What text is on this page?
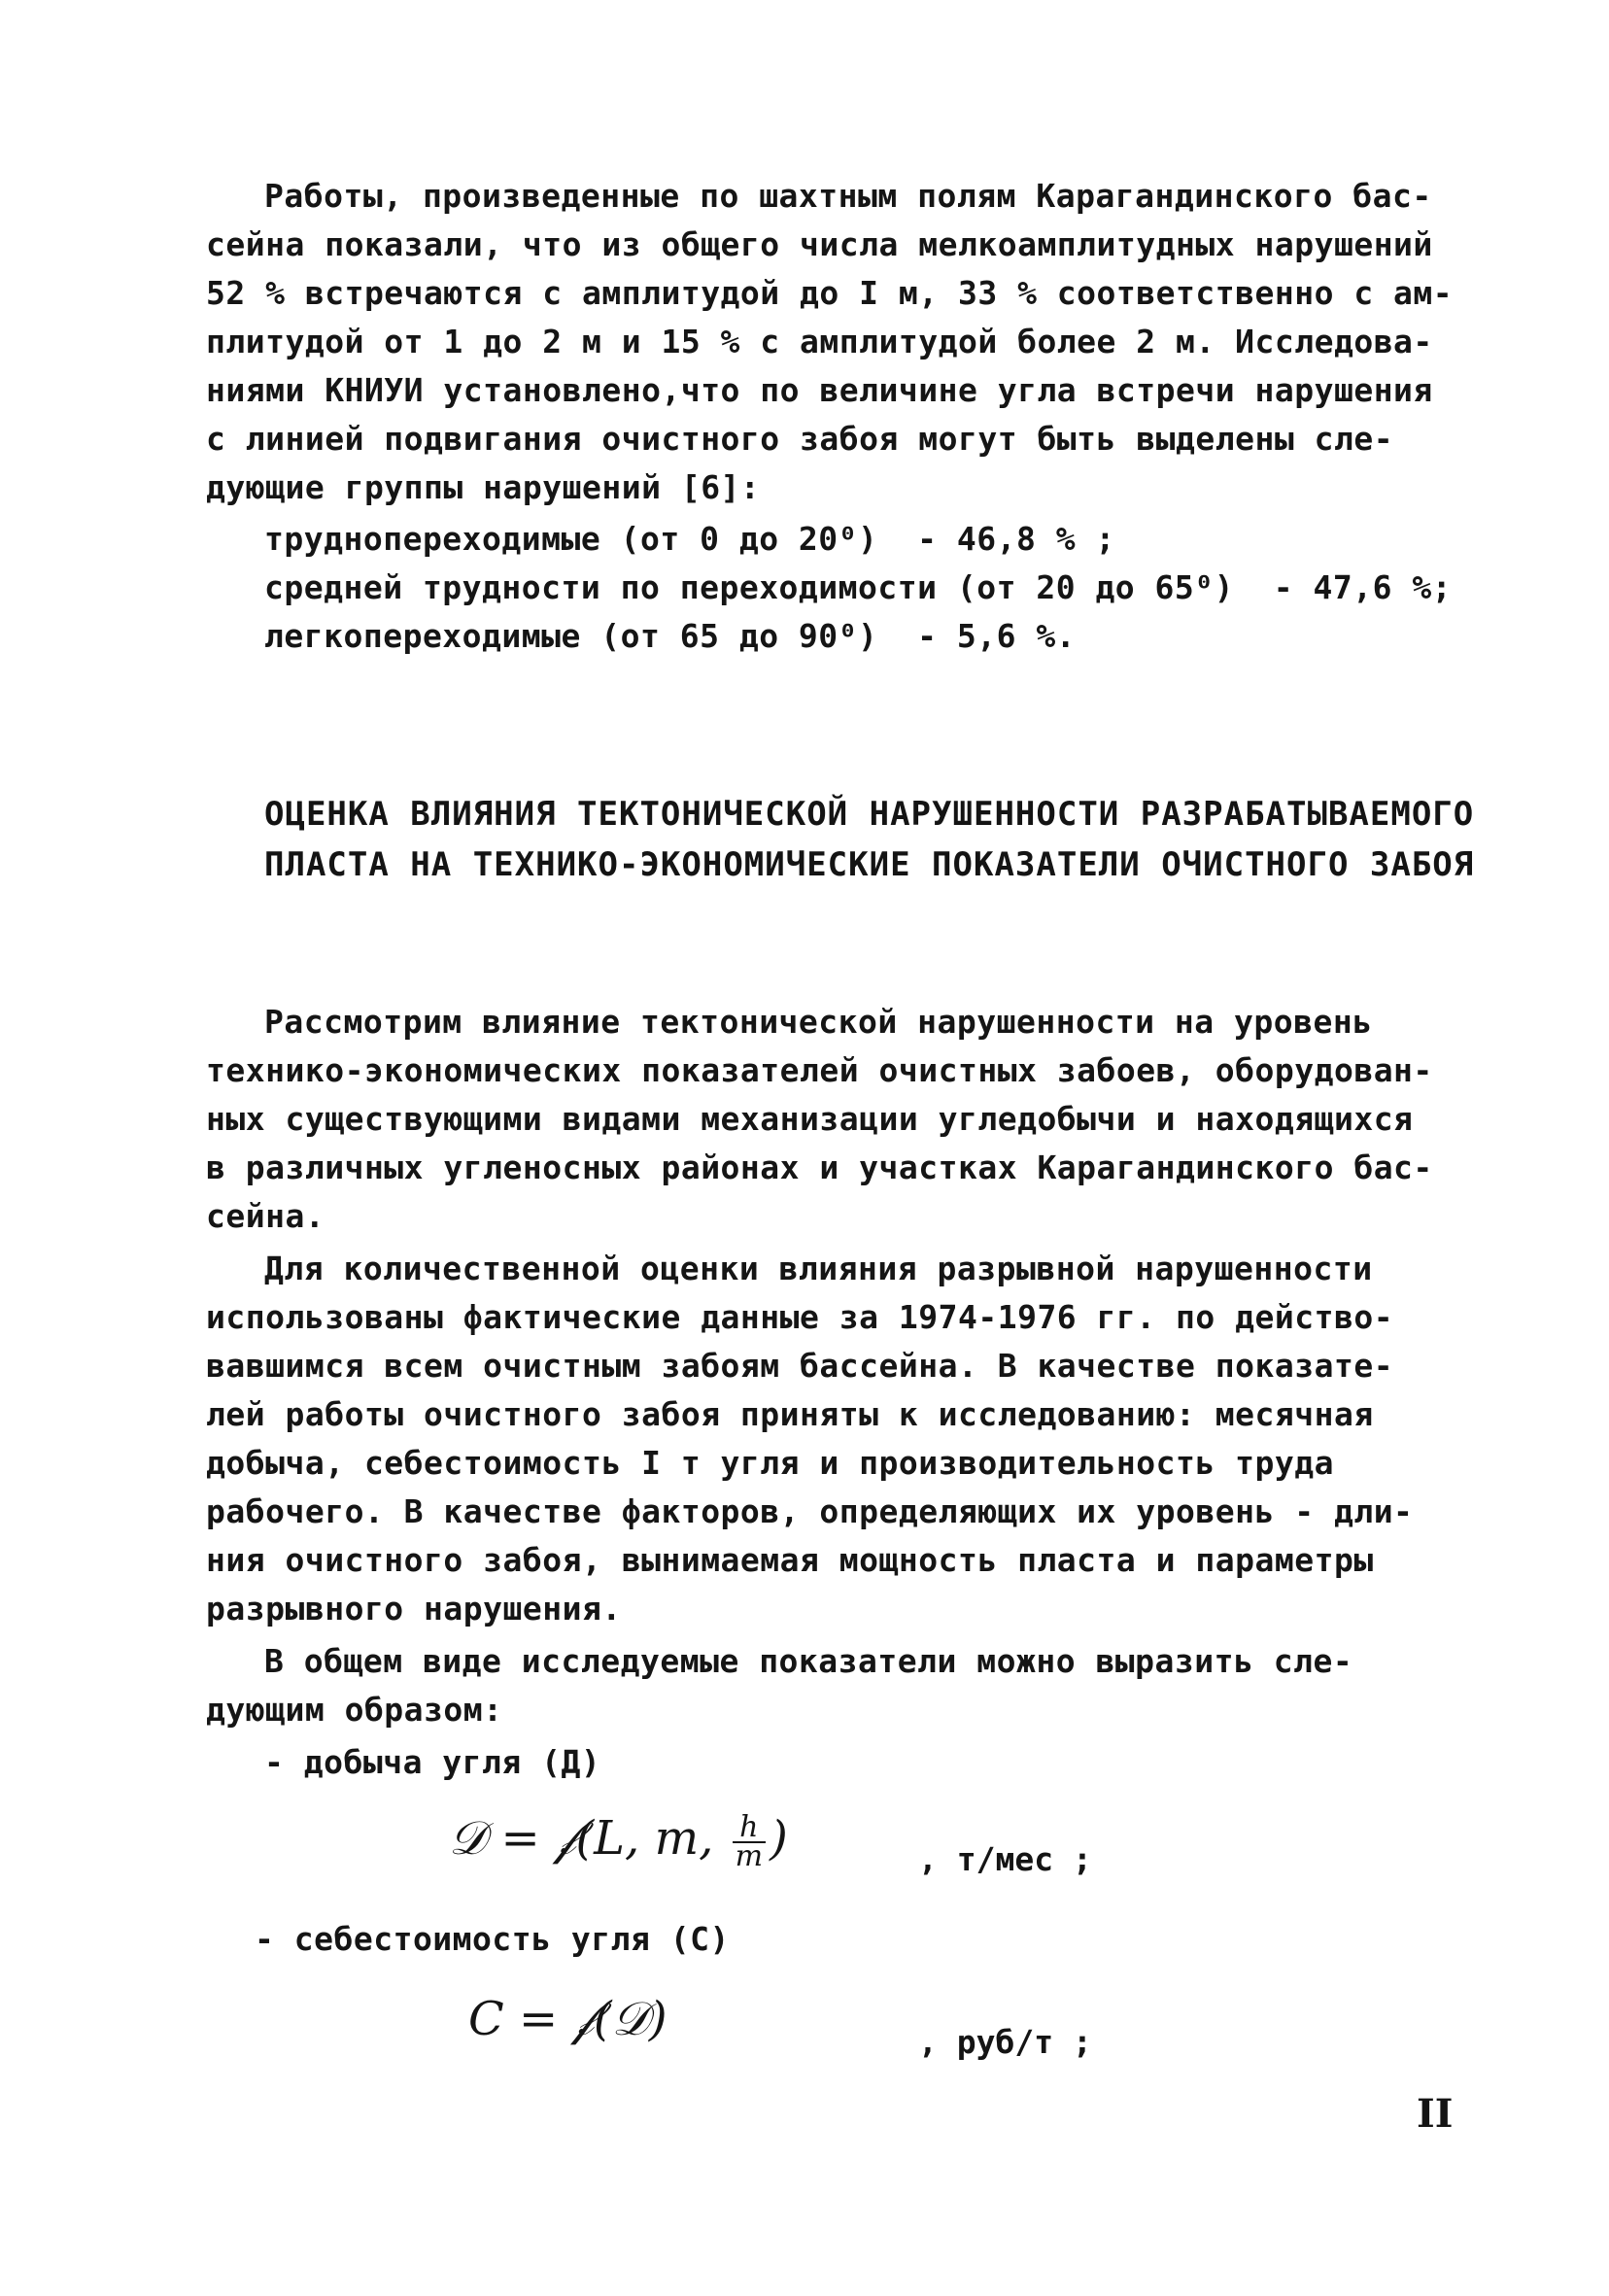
Работы, произведенные по шахтным полям Карагандинского бас-
сейна показали, что из общего числа мелкоамплитудных нарушений
52 % встречаются с амплитудой до I м, 33 % соответственно с ам-
плитудой от 1 до 2 м и 15 % с амплитудой более 2 м. Исследова-
ниями КНИУИ установлено,что по величине угла встречи нарушения
с линией подвигания очистного забоя могут быть выделены сле-
дующие группы нарушений [6]:
труднопереходимые (от 0 до 20⁰)  - 46,8 % ;
средней трудности по переходимости (от 20 до 65⁰)  - 47,6 %;
легкопереходимые (от 65 до 90⁰)  - 5,6 %.
ОЦЕНКА ВЛИЯНИЯ ТЕКТОНИЧЕСКОЙ НАРУШЕННОСТИ РАЗРАБАТЫВАЕМОГО
ПЛАСТА НА ТЕХНИКО-ЭКОНОМИЧЕСКИЕ ПОКАЗАТЕЛИ ОЧИСТНОГО ЗАБОЯ
Рассмотрим влияние тектонической нарушенности на уровень
технико-экономических показателей очистных забоев, оборудован-
ных существующими видами механизации угледобычи и находящихся
в различных угленосных районах и участках Карагандинского бас-
сейна.
Для количественной оценки влияния разрывной нарушенности
использованы фактические данные за 1974-1976 гг. по действо-
вавшимся всем очистным забоям бассейна. В качестве показате-
лей работы очистного забоя приняты к исследованию: месячная
добыча, себестоимость I т угля и производительность труда
рабочего. В качестве факторов, определяющих их уровень - дли-
ния очистного забоя, вынимаемая мощность пласта и параметры
разрывного нарушения.
В общем виде исследуемые показатели можно выразить сле-
дующим образом:
- добыча угля (Д)
𝒟 = 𝒻(L, m, $\frac{h}{m}$ )	, т/мес ;
- себестоимость угля (С)
C = 𝒻(𝒟)	, руб/т ;
II
